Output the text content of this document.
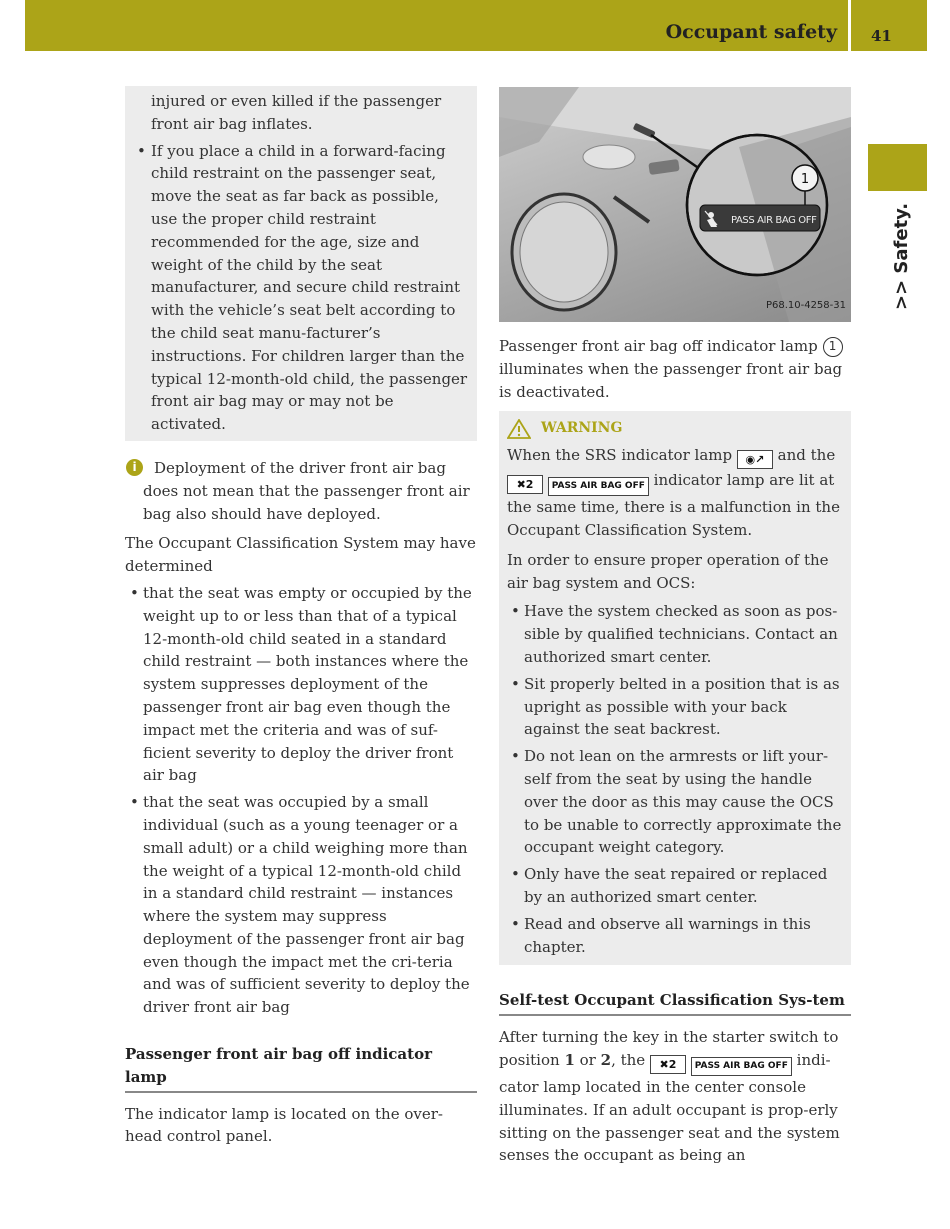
Occupant safety 41
>> Safety.
injured or even killed if the passenger front air bag inflates.
• If you place a child in a forward-facing child restraint on the passenger seat, move the seat as far back as possible, use the proper child restraint recommended for the age, size and weight of the child by the seat manufacturer, and secure child restraint with the vehicle’s seat belt according to the child seat manu-facturer’s instructions. For children larger than the typical 12-month-old child, the passenger front air bag may or may not be activated.
i	Deployment of the driver front air bag does not mean that the passenger front air bag also should have deployed.
The Occupant Classification System may have determined
• that the seat was empty or occupied by the weight up to or less than that of a typical 12-month-old child seated in a standard child restraint — both instances where the system suppresses deployment of the passenger front air bag even though the impact met the criteria and was of suf-ficient severity to deploy the driver front air bag
• that the seat was occupied by a small individual (such as a young teenager or a small adult) or a child weighing more than the weight of a typical 12-month-old child in a standard child restraint — instances where the system may suppress deployment of the passenger front air bag even though the impact met the cri-teria and was of sufficient severity to deploy the driver front air bag
Passenger front air bag off indicator lamp
The indicator lamp is located on the over-head control panel.
1
PASS AIR BAG OFF
P68.10-4258-31
Passenger front air bag off indicator lamp 1 illuminates when the passenger front air bag is deactivated.
WARNING
When the SRS indicator lamp ◉↗ and the ✖2 PASS AIR BAG OFF indicator lamp are lit at the same time, there is a malfunction in the Occupant Classification System.
In order to ensure proper operation of the air bag system and OCS:
• Have the system checked as soon as pos-sible by qualified technicians. Contact an authorized smart center.
• Sit properly belted in a position that is as upright as possible with your back against the seat backrest.
• Do not lean on the armrests or lift your-self from the seat by using the handle over the door as this may cause the OCS to be unable to correctly approximate the occupant weight category.
• Only have the seat repaired or replaced by an authorized smart center.
• Read and observe all warnings in this chapter.
Self-test Occupant Classification Sys-tem
After turning the key in the starter switch to position 1 or 2, the ✖2 PASS AIR BAG OFF indi-cator lamp located in the center console illuminates. If an adult occupant is prop-erly sitting on the passenger seat and the system senses the occupant as being an
